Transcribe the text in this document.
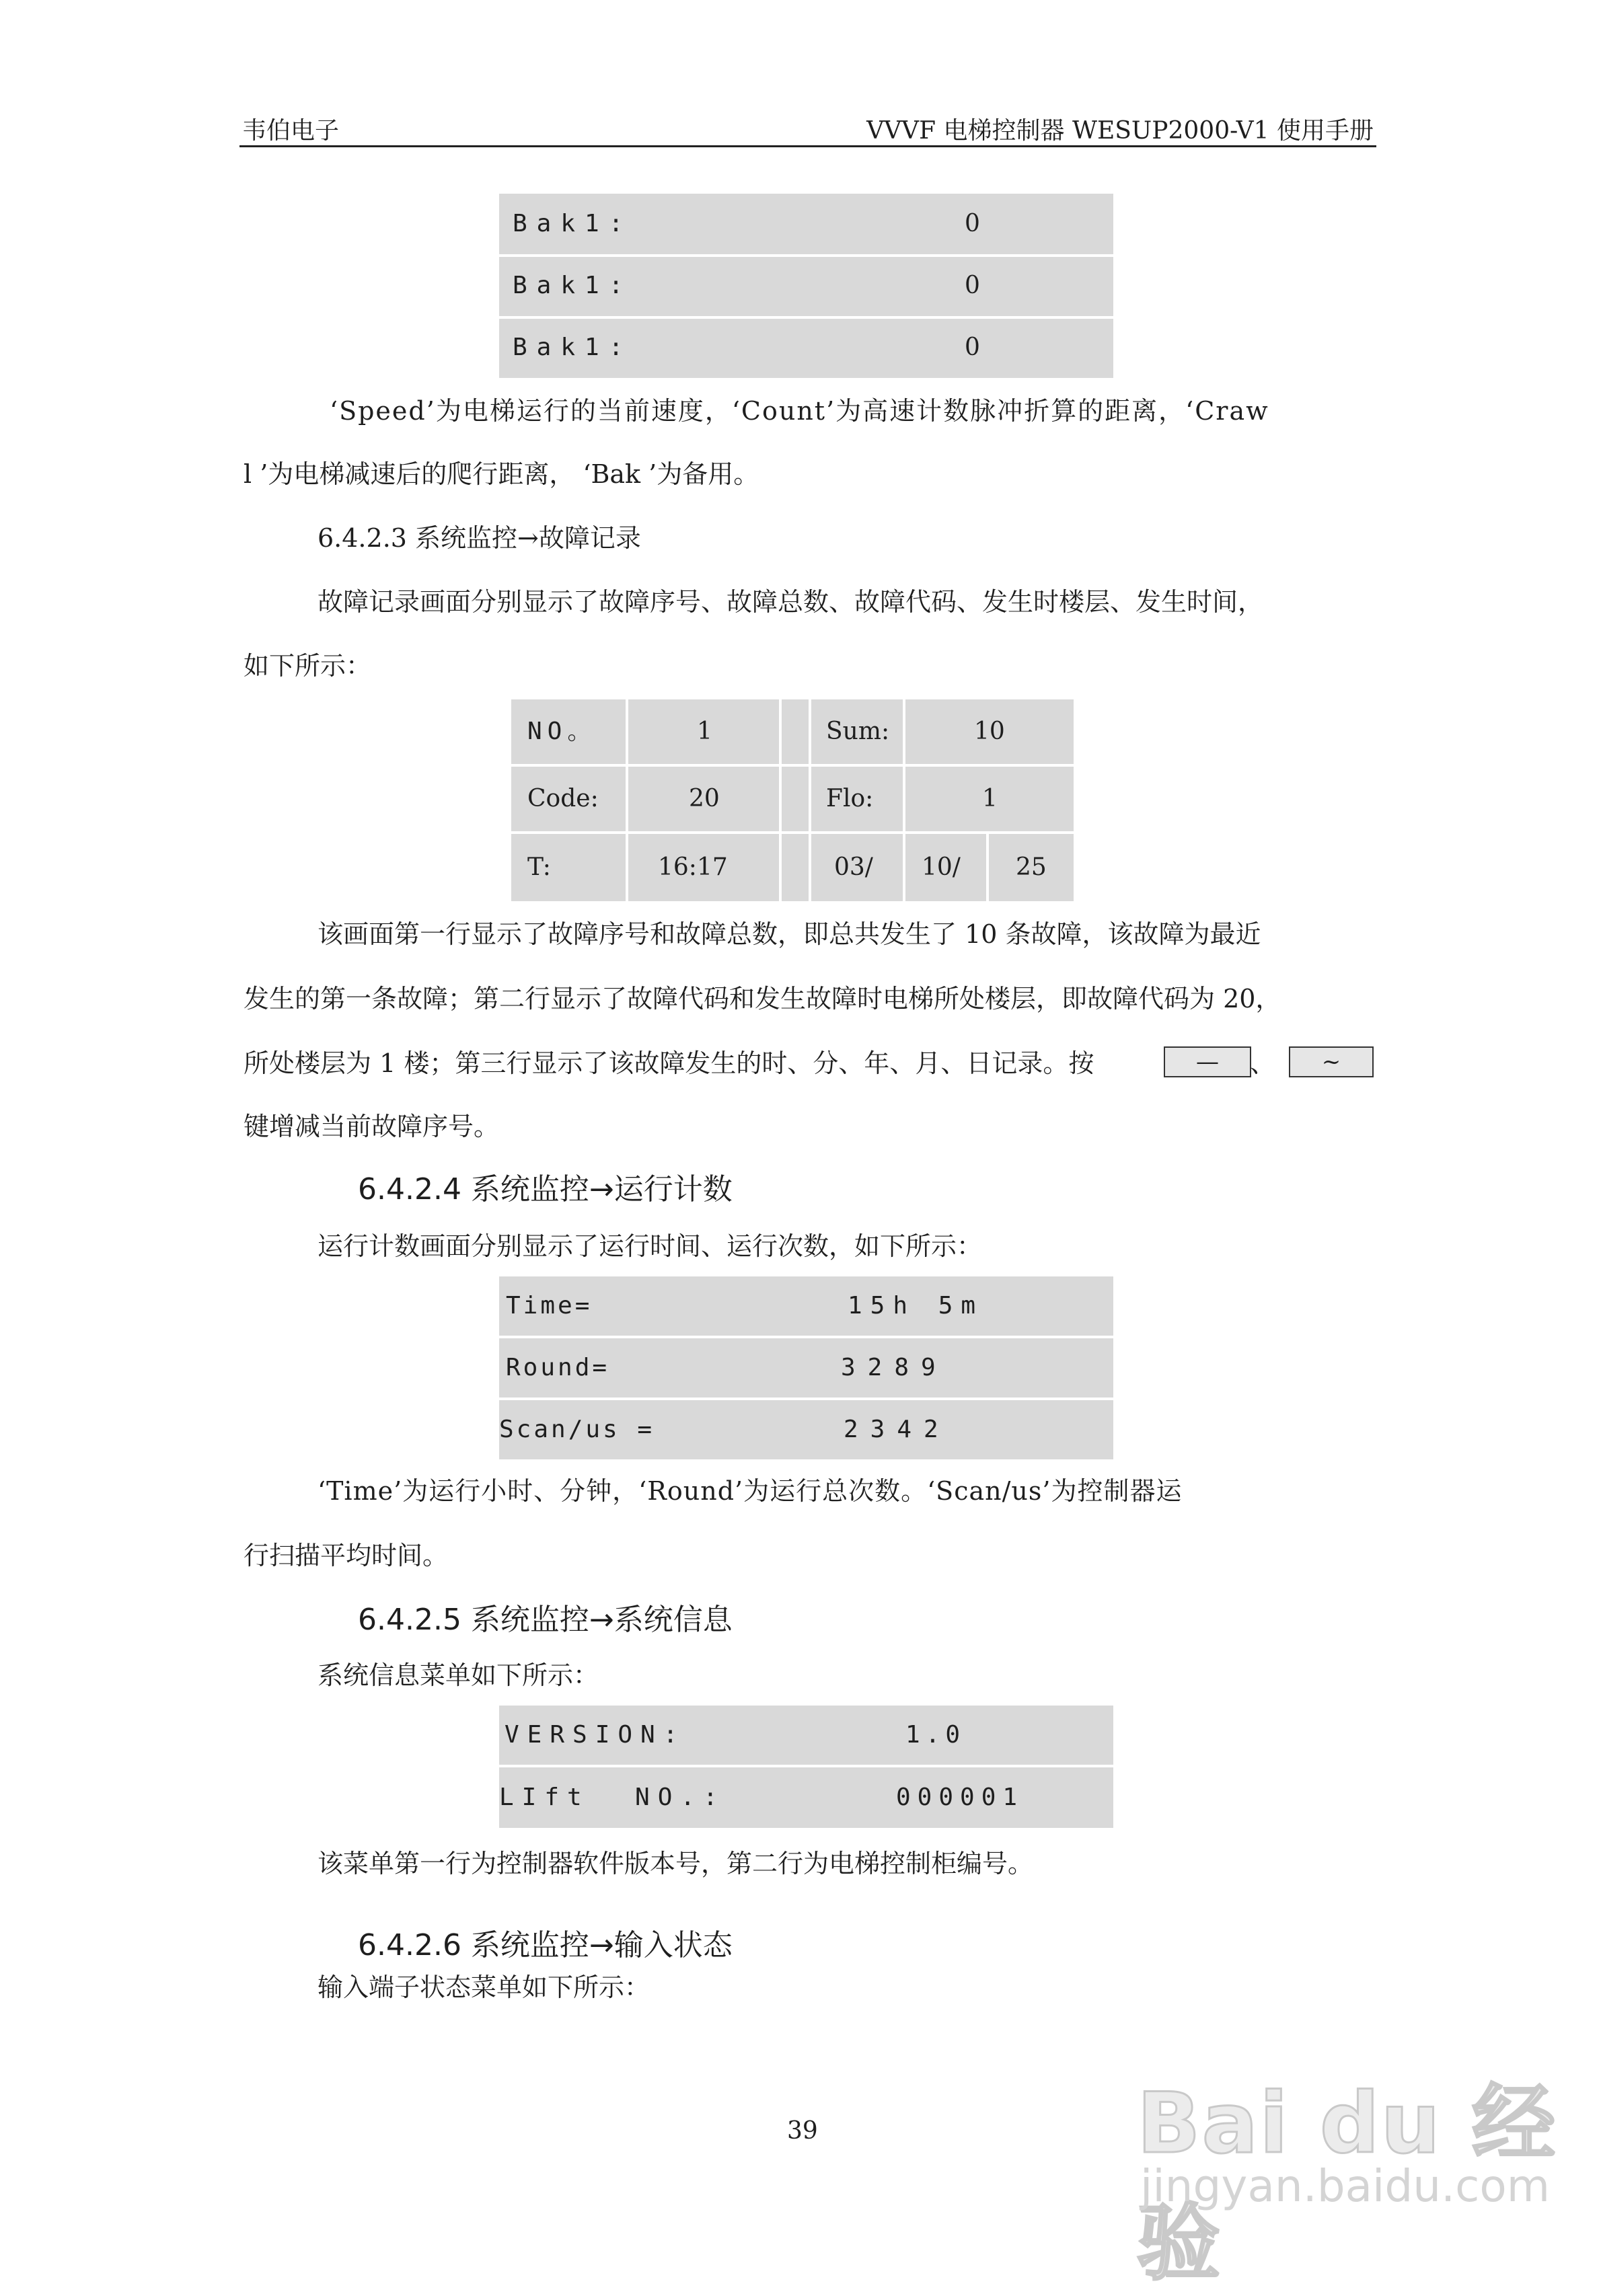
韦伯电子	VVVF 电梯控制器 WESUP2000-V1 使用手册
Bak1:	0
Bak1:	0
Bak1:	0
‘Speed’为电梯运行的当前速度，‘Count’为高速计数脉冲折算的距离，‘Craw
l ’为电梯减速后的爬行距离， ‘Bak ’为备用。
6.4.2.3 系统监控→故障记录
故障记录画面分别显示了故障序号、故障总数、故障代码、发生时楼层、发生时间，
如下所示：
NO。	1	Sum:	10
Code:	20	Flo:	1
T:	16:17	03/ 10/ 25
该画面第一行显示了故障序号和故障总数，即总共发生了 10 条故障，该故障为最近
发生的第一条故障；第二行显示了故障代码和发生故障时电梯所处楼层，即故障代码为 20，
所处楼层为 1 楼；第三行显示了该故障发生的时、分、年、月、日记录。按	—	、	~
键增减当前故障序号。
6.4.2.4 系统监控→运行计数
运行计数画面分别显示了运行时间、运行次数，如下所示：
Time=	15h 5m
Round=	3289
Scan/us =	2342
‘Time’为运行小时、分钟，‘Round’为运行总次数。‘Scan/us’为控制器运
行扫描平均时间。
6.4.2.5 系统监控→系统信息
系统信息菜单如下所示：
VERSION:	1.0
LIft  NO.:	000001
该菜单第一行为控制器软件版本号，第二行为电梯控制柜编号。
6.4.2.6 系统监控→输入状态
输入端子状态菜单如下所示：
39	Bai du 经验
jingyan.baidu.com
